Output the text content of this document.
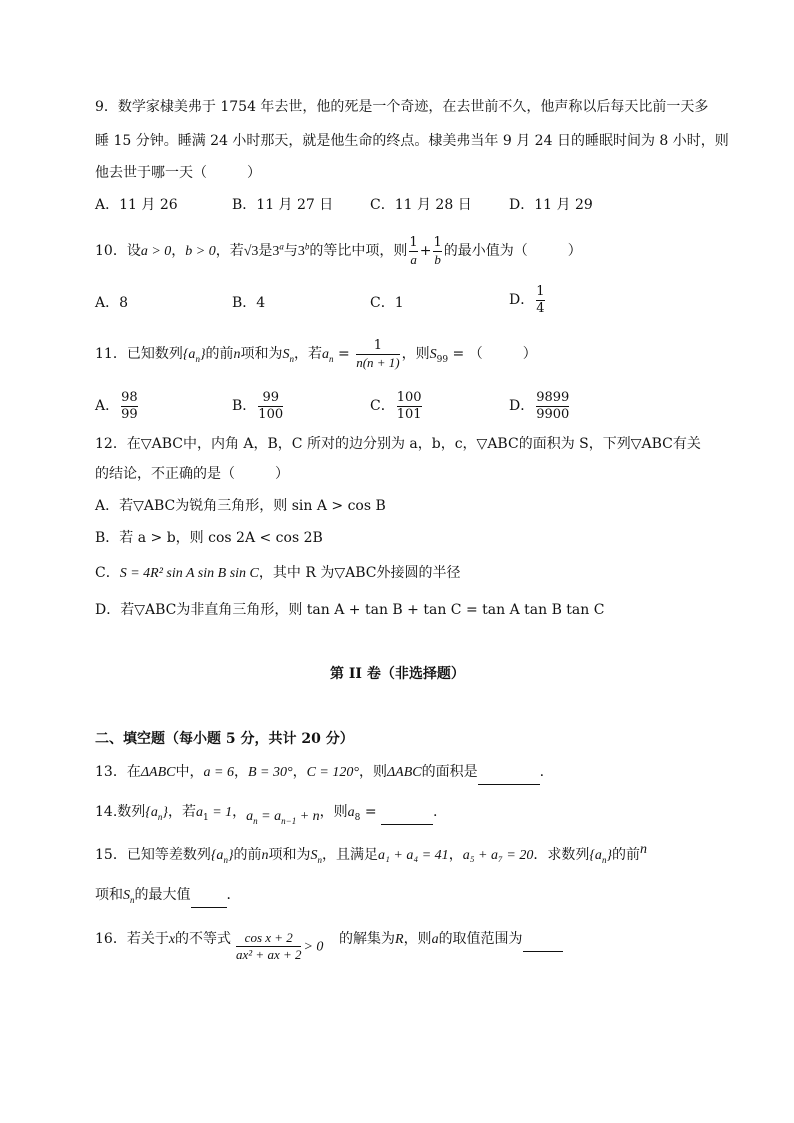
9．数学家棣美弗于 1754 年去世，他的死是一个奇迹，在去世前不久，他声称以后每天比前一天多
睡 15 分钟。睡满 24 小时那天，就是他生命的终点。棣美弗当年 9 月 24 日的睡眠时间为 8 小时，则
他去世于哪一天（	）
A．11 月 26	B．11 月 27 日	C．11 月 28 日	D．11 月 29
10．设a > 0，b > 0，若√3是3$^a$与3$^b$的等比中项，则 $\frac{1}{a} + \frac{1}{b}$ 的最小值为（	）
A．8	B．4	C．1	D． $\frac{1}{4}$
11．已知数列$\{a_n\}$的前n项和为$S_n$，若$a_n = \frac{1}{n(n + 1)}$ ，则$S_{99}$ = （	）
A． $\frac{98}{99}$	B． $\frac{99}{100}$	C． $\frac{100}{101}$	D． $\frac{9899}{9900}$
12．在▽ABC中，内角 A，B，C 所对的边分别为 a，b，c，▽ABC的面积为 S，下列▽ABC有关
的结论，不正确的是（	）
A．若▽ABC为锐角三角形，则 sin A > cos B
B．若 a > b，则 cos 2A < cos 2B
C．S = 4R² sin A sin B sin C，其中 R 为▽ABC外接圆的半径
D．若▽ABC为非直角三角形，则 tan A + tan B + tan C = tan A tan B tan C
第 II 卷（非选择题）
二、填空题（每小题 5 分，共计 20 分）
13．在ΔABC中，a = 6，B = 30°，C = 120°，则ΔABC的面积是	.
14.数列$\{a_n\}$，若$a_1 = 1$，$a_n = a_{n-1} + n$，则$a_8$ =	.
15．已知等差数列$\{a_n\}$的前n项和为$S_n$，且满足a₁ + a₄ = 41，a₅ + a₇ = 20．求数列$\{a_n\}$的前n
项和$S_n$的最大值	．
16．若关于x的不等式 $\frac{\text{cos x + 2}}{\text{ax² + ax + 2}} > 0$ 的解集为R，则a的取值范围为
